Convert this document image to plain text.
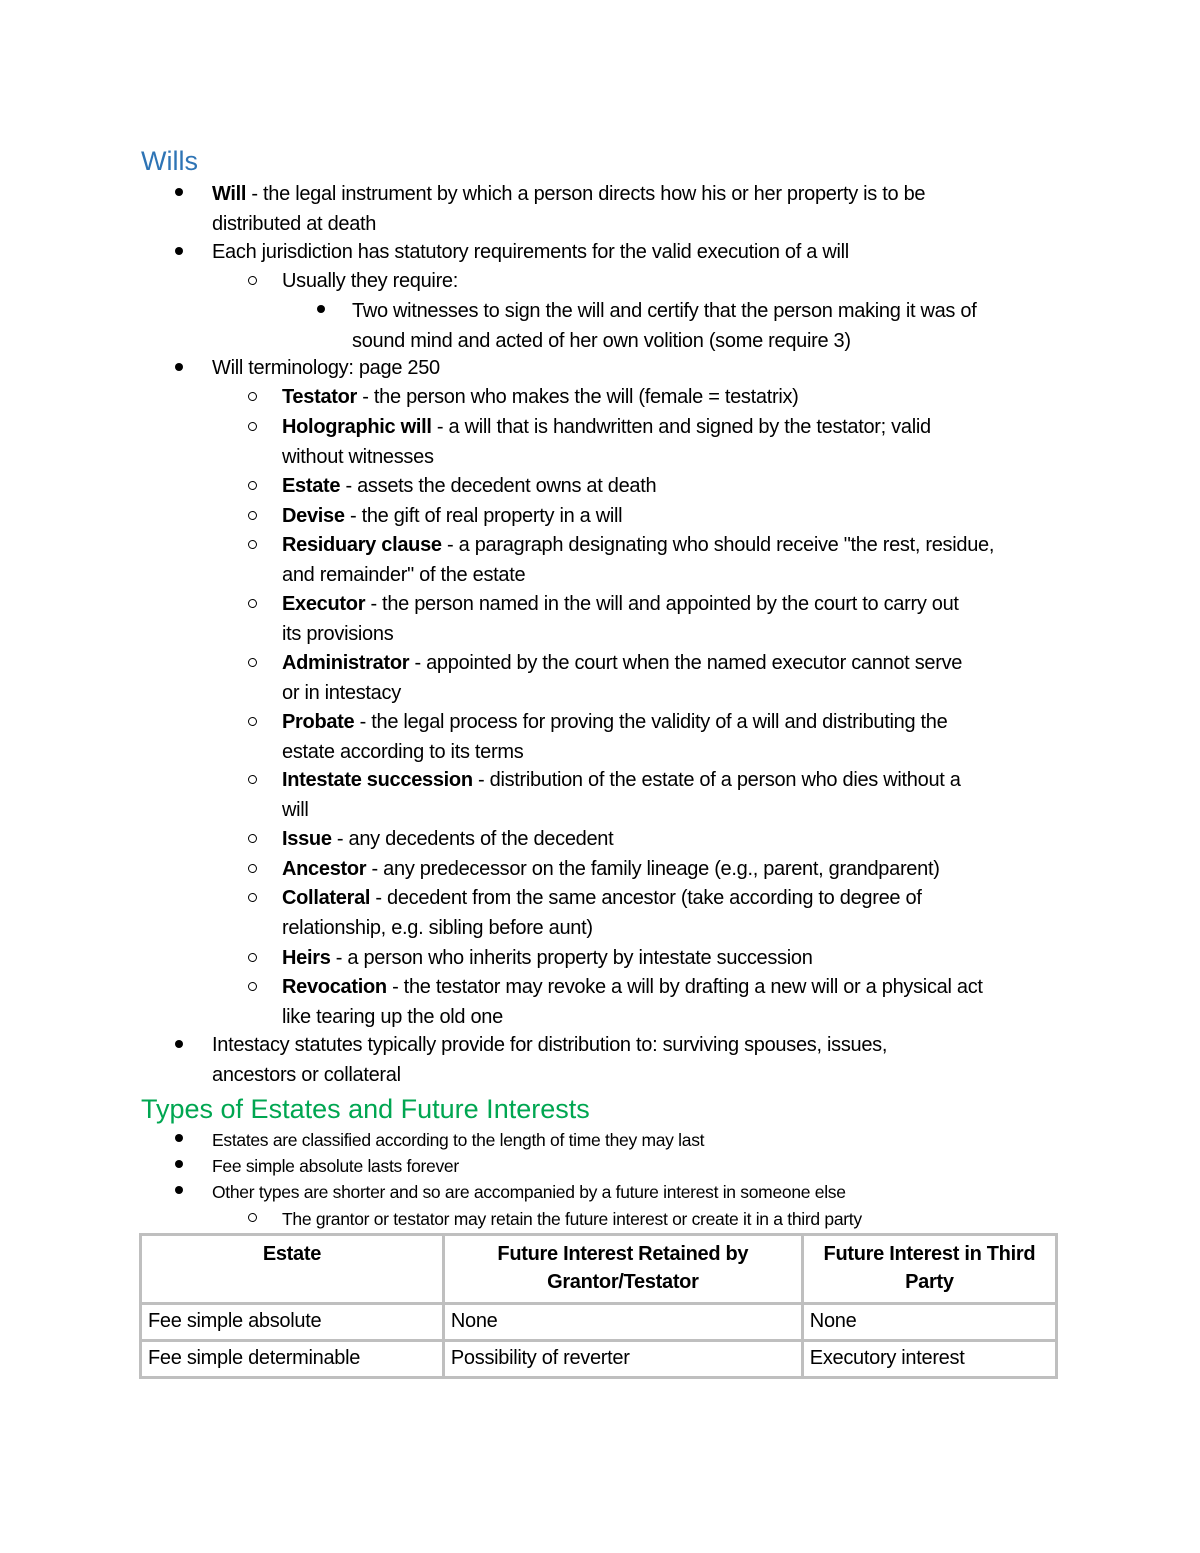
Wills
Will - the legal instrument by which a person directs how his or her property is to be
distributed at death
Each jurisdiction has statutory requirements for the valid execution of a will
Usually they require:
Two witnesses to sign the will and certify that the person making it was of
sound mind and acted of her own volition (some require 3)
Will terminology: page 250
Testator - the person who makes the will (female = testatrix)
Holographic will - a will that is handwritten and signed by the testator; valid
without witnesses
Estate - assets the decedent owns at death
Devise - the gift of real property in a will
Residuary clause - a paragraph designating who should receive "the rest, residue,
and remainder" of the estate
Executor - the person named in the will and appointed by the court to carry out
its provisions
Administrator - appointed by the court when the named executor cannot serve
or in intestacy
Probate - the legal process for proving the validity of a will and distributing the
estate according to its terms
Intestate succession - distribution of the estate of a person who dies without a
will
Issue - any decedents of the decedent
Ancestor - any predecessor on the family lineage (e.g., parent, grandparent)
Collateral - decedent from the same ancestor (take according to degree of
relationship, e.g. sibling before aunt)
Heirs - a person who inherits property by intestate succession
Revocation - the testator may revoke a will by drafting a new will or a physical act
like tearing up the old one
Intestacy statutes typically provide for distribution to: surviving spouses, issues,
ancestors or collateral
Types of Estates and Future Interests
Estates are classified according to the length of time they may last
Fee simple absolute lasts forever
Other types are shorter and so are accompanied by a future interest in someone else
The grantor or testator may retain the future interest or create it in a third party
Estate	Future Interest Retained by Grantor/Testator	Future Interest in Third Party
Fee simple absolute	None	None
Fee simple determinable	Possibility of reverter	Executory interest
